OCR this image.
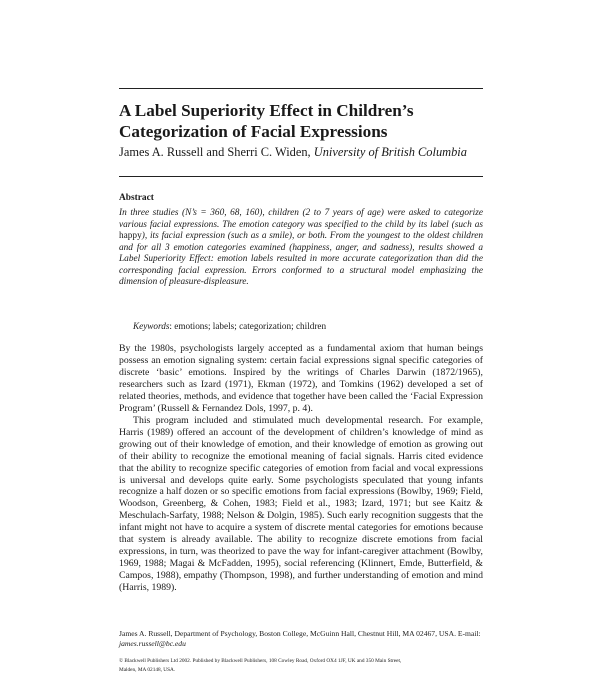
A Label Superiority Effect in Children’s
Categorization of Facial Expressions
James A. Russell and Sherri C. Widen, University of British Columbia
Abstract

In three studies (N’s = 360, 68, 160), children (2 to 7 years of age) were asked to categorize various facial expressions. The emotion category was specified to the child by its label (such as happy), its facial expression (such as a smile), or both. From the youngest to the oldest children and for all 3 emotion categories examined (happiness, anger, and sadness), results showed a Label Superiority Effect: emotion labels resulted in more accurate categorization than did the corresponding facial expression. Errors conformed to a structural model emphasizing the dimension of pleasure-displeasure.

Keywords: emotions; labels; categorization; children

By the 1980s, psychologists largely accepted as a fundamental axiom that human beings possess an emotion signaling system: certain facial expressions signal specific categories of discrete ‘basic’ emotions. Inspired by the writings of Charles Darwin (1872/1965), researchers such as Izard (1971), Ekman (1972), and Tomkins (1962) developed a set of related theories, methods, and evidence that together have been called the ‘Facial Expression Program’ (Russell & Fernandez Dols, 1997, p. 4).

This program included and stimulated much developmental research. For example, Harris (1989) offered an account of the development of children’s knowledge of mind as growing out of their knowledge of emotion, and their knowledge of emotion as growing out of their ability to recognize the emotional meaning of facial signals. Harris cited evidence that the ability to recognize specific categories of emotion from facial and vocal expressions is universal and develops quite early. Some psychologists speculated that young infants recognize a half dozen or so specific emotions from facial expressions (Bowlby, 1969; Field, Woodson, Greenberg, & Cohen, 1983; Field et al., 1983; Izard, 1971; but see Kaitz & Meschulach-Sarfaty, 1988; Nelson & Dolgin, 1985). Such early recognition suggests that the infant might not have to acquire a system of discrete mental categories for emotions because that system is already available. The ability to recognize discrete emotions from facial expressions, in turn, was theorized to pave the way for infant-caregiver attachment (Bowlby, 1969, 1988; Magai & McFadden, 1995), social referencing (Klinnert, Emde, Butterfield, & Campos, 1988), empathy (Thompson, 1998), and further understanding of emotion and mind (Harris, 1989).

James A. Russell, Department of Psychology, Boston College, McGuinn Hall, Chestnut Hill, MA 02467, USA. E-mail: james.russell@bc.edu

© Blackwell Publishers Ltd 2002. Published by Blackwell Publishers, 108 Cowley Road, Oxford OX4 1JF, UK and 350 Main Street,
Malden, MA 02148, USA.
